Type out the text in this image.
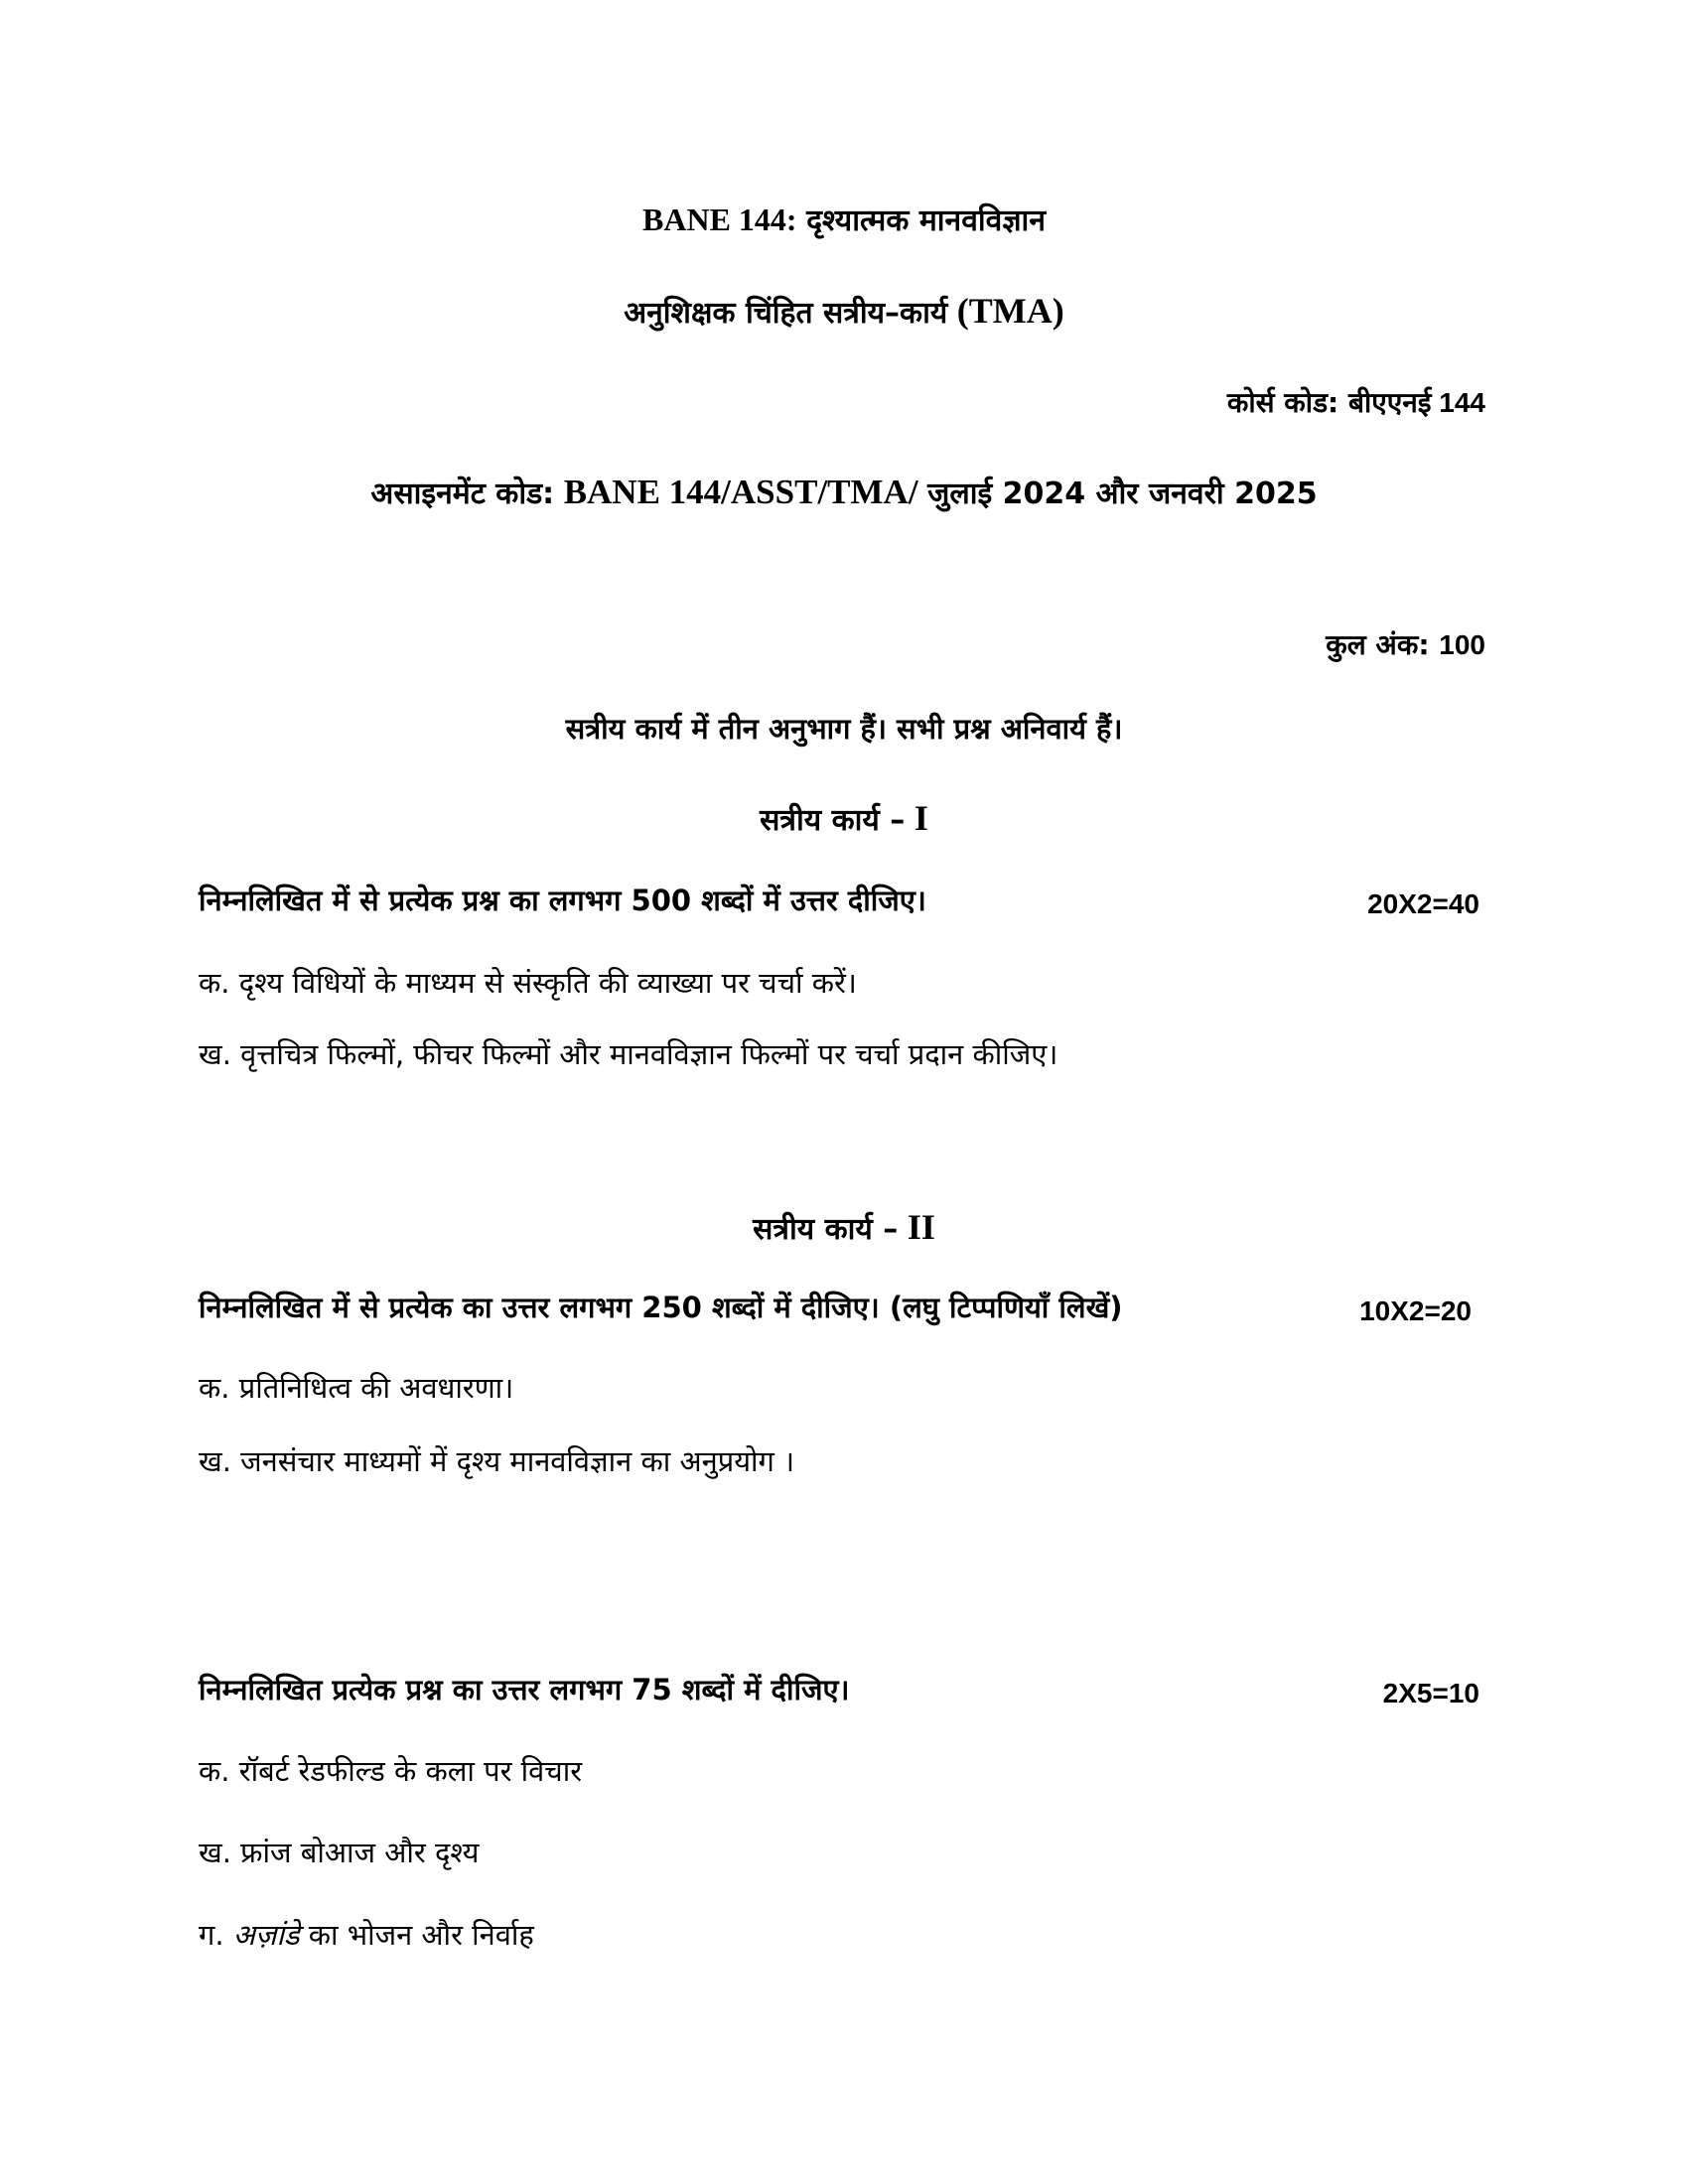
BANE 144: दृश्यात्मक मानवविज्ञान
अनुशिक्षक चिंहित सत्रीय–कार्य (TMA)
कोर्स कोड: बीएएनई 144
असाइनमेंट कोड: BANE 144/ASST/TMA/ जुलाई 2024 और जनवरी 2025
कुल अंक: 100
सत्रीय कार्य में तीन अनुभाग हैं। सभी प्रश्न अनिवार्य हैं।
सत्रीय कार्य – I
निम्नलिखित में से प्रत्येक प्रश्न का लगभग 500 शब्दों में उत्तर दीजिए।	20X2=40
क. दृश्य विधियों के माध्यम से संस्कृति की व्याख्या पर चर्चा करें।
ख. वृत्तचित्र फिल्मों, फीचर फिल्मों और मानवविज्ञान फिल्मों पर चर्चा प्रदान कीजिए।
सत्रीय कार्य – II
निम्नलिखित में से प्रत्येक का उत्तर लगभग 250 शब्दों में दीजिए। (लघु टिप्पणियाँ लिखें)	10X2=20
क. प्रतिनिधित्व की अवधारणा।
ख. जनसंचार माध्यमों में दृश्य मानवविज्ञान का अनुप्रयोग ।
निम्नलिखित प्रत्येक प्रश्न का उत्तर लगभग 75 शब्दों में दीजिए।	2X5=10
क. रॉबर्ट रेडफील्ड के कला पर विचार
ख. फ्रांज बोआज और दृश्य
ग. अज़ांडे का भोजन और निर्वाह
